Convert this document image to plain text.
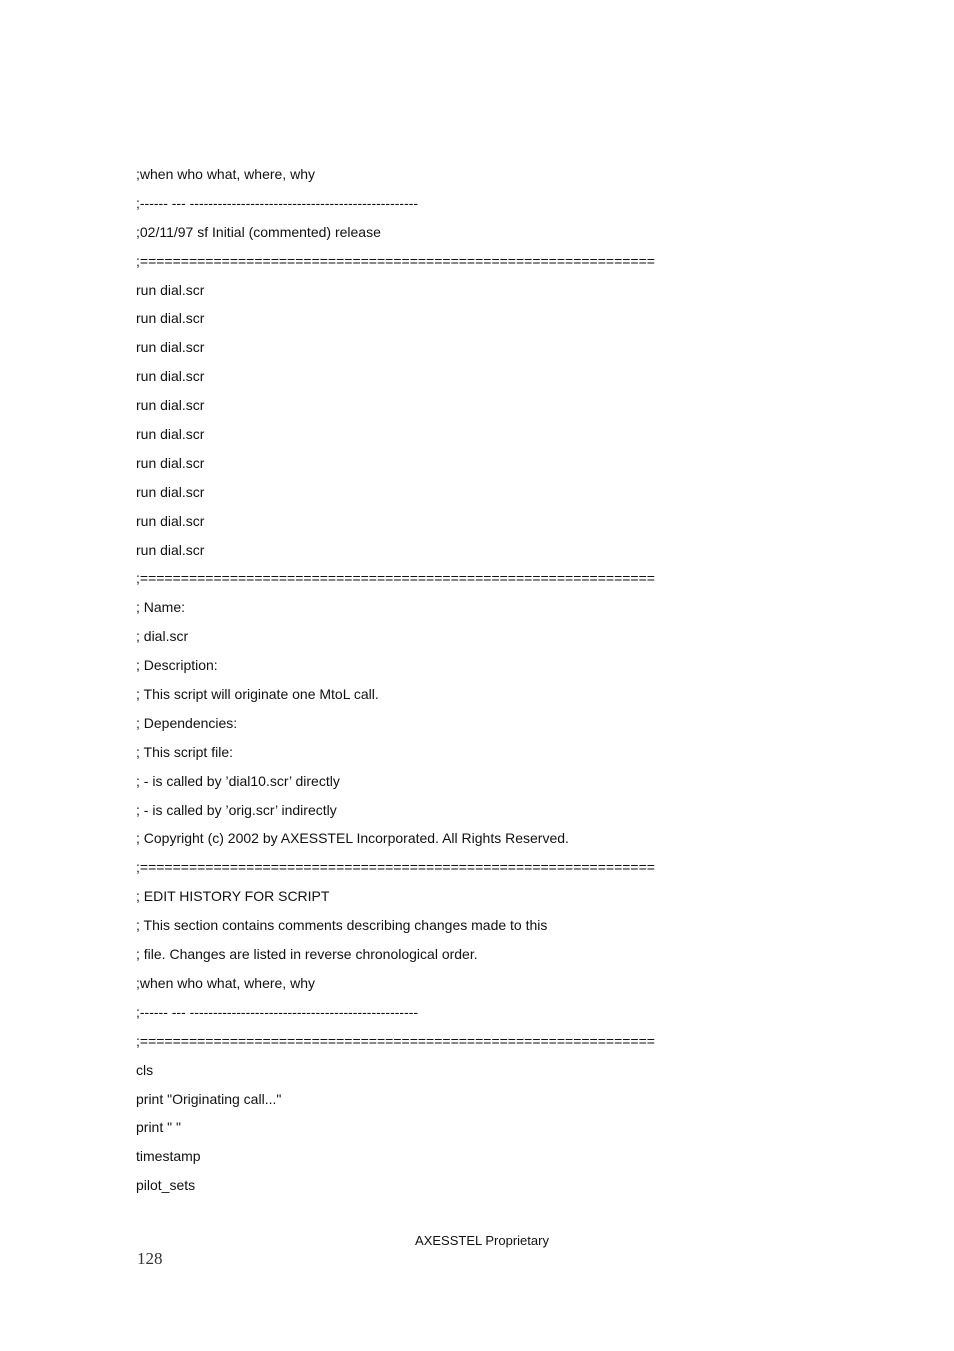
;when who what, where, why
;------ --- -------------------------------------------------
;02/11/97 sf Initial (commented) release
;===============================================================
run dial.scr
run dial.scr
run dial.scr
run dial.scr
run dial.scr
run dial.scr
run dial.scr
run dial.scr
run dial.scr
run dial.scr
;===============================================================
; Name:
; dial.scr
; Description:
; This script will originate one MtoL call.
; Dependencies:
; This script file:
; - is called by ’dial10.scr’ directly
; - is called by ’orig.scr’ indirectly
; Copyright (c) 2002 by AXESSTEL Incorporated. All Rights Reserved.
;===============================================================
; EDIT HISTORY FOR SCRIPT
; This section contains comments describing changes made to this
; file. Changes are listed in reverse chronological order.
;when who what, where, why
;------ --- -------------------------------------------------
;===============================================================
cls
print "Originating call..."
print " "
timestamp
pilot_sets
AXESSTEL Proprietary
128
